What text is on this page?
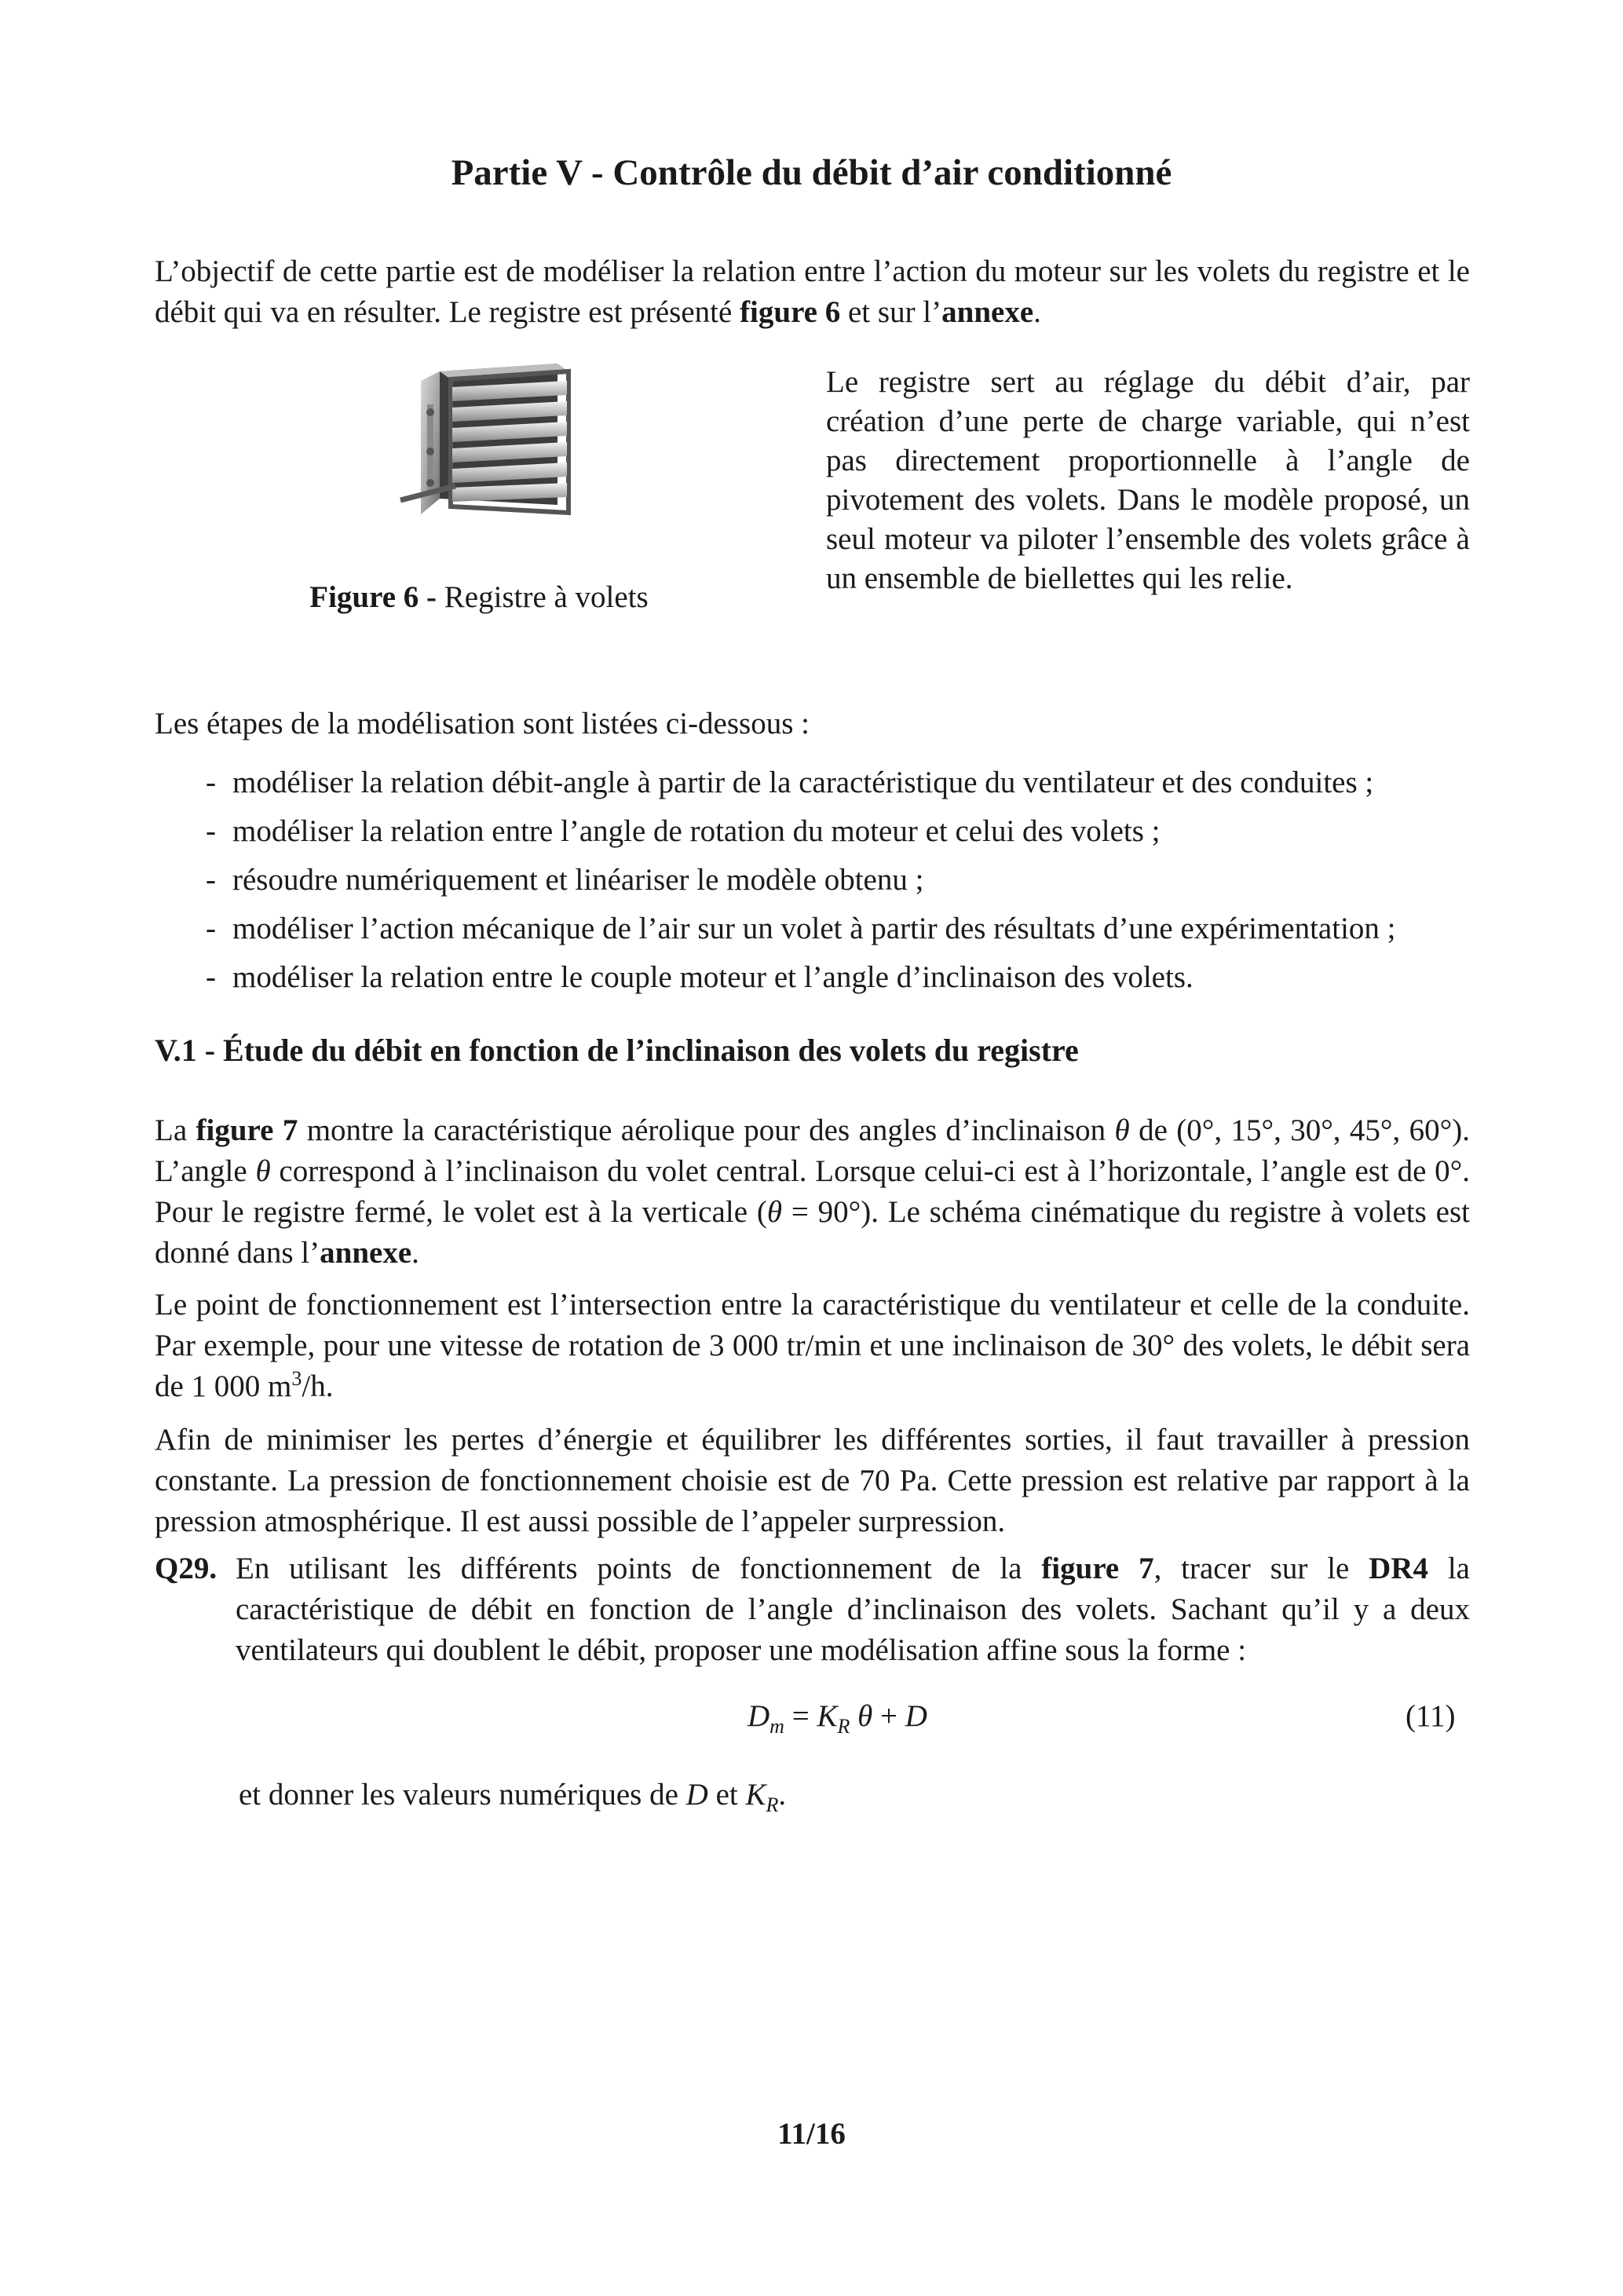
Partie V - Contrôle du débit d’air conditionné

L’objectif de cette partie est de modéliser la relation entre l’action du moteur sur les volets du registre et le débit qui va en résulter. Le registre est présenté figure 6 et sur l’annexe.

Figure 6 - Registre à volets
Le registre sert au réglage du débit d’air, par création d’une perte de charge variable, qui n’est pas directement proportionnelle à l’angle de pivotement des volets. Dans le modèle proposé, un seul moteur va piloter l’ensemble des volets grâce à un ensemble de biellettes qui les relie.
Les étapes de la modélisation sont listées ci-dessous :
- modéliser la relation débit-angle à partir de la caractéristique du ventilateur et des conduites ;
- modéliser la relation entre l’angle de rotation du moteur et celui des volets ;
- résoudre numériquement et linéariser le modèle obtenu ;
- modéliser l’action mécanique de l’air sur un volet à partir des résultats d’une expérimentation ;
- modéliser la relation entre le couple moteur et l’angle d’inclinaison des volets.
V.1 - Étude du débit en fonction de l’inclinaison des volets du registre

La figure 7 montre la caractéristique aérolique pour des angles d’inclinaison θ de (0°, 15°, 30°, 45°, 60°). L’angle θ correspond à l’inclinaison du volet central. Lorsque celui-ci est à l’horizontale, l’angle est de 0°. Pour le registre fermé, le volet est à la verticale (θ = 90°). Le schéma cinématique du registre à volets est donné dans l’annexe.

Le point de fonctionnement est l’intersection entre la caractéristique du ventilateur et celle de la conduite. Par exemple, pour une vitesse de rotation de 3 000 tr/min et une inclinaison de 30° des volets, le débit sera de 1 000 $m^3/h$.

Afin de minimiser les pertes d’énergie et équilibrer les différentes sorties, il faut travailler à pression constante. La pression de fonctionnement choisie est de 70 Pa. Cette pression est relative par rapport à la pression atmosphérique. Il est aussi possible de l’appeler surpression.
Q29. En utilisant les différents points de fonctionnement de la figure 7, tracer sur le DR4 la caractéristique de débit en fonction de l’angle d’inclinaison des volets. Sachant qu’il y a deux ventilateurs qui doublent le débit, proposer une modélisation affine sous la forme :
$D_m = K_R$ θ + D	(11)
et donner les valeurs numériques de D et $K_R$.
11/16
